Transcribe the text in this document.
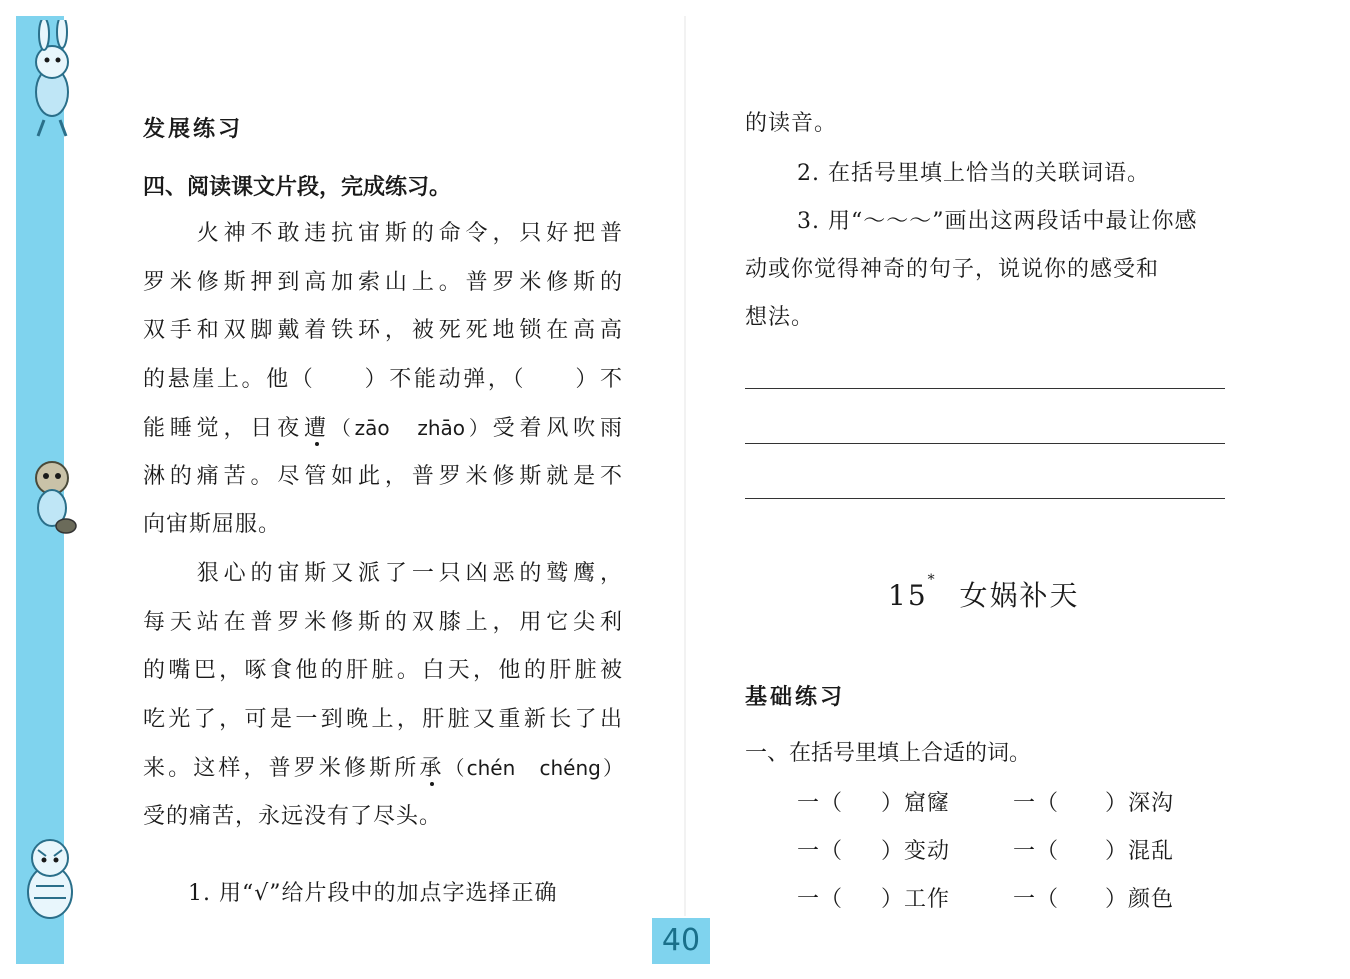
发展练习
四、阅读课文片段，完成练习。
　　火神不敢违抗宙斯的命令，只好把普
罗米修斯押到高加索山上。普罗米修斯的
双手和双脚戴着铁环，被死死地锁在高高
的悬崖上。他（　　）不能动弹，（　　）不
能睡觉，日夜遭（zāo　zhāo）受着风吹雨
淋的痛苦。尽管如此，普罗米修斯就是不
向宙斯屈服。
　　狠心的宙斯又派了一只凶恶的鹫鹰，
每天站在普罗米修斯的双膝上，用它尖利
的嘴巴，啄食他的肝脏。白天，他的肝脏被
吃光了，可是一到晚上，肝脏又重新长了出
来。这样，普罗米修斯所承（chén　chéng）
受的痛苦，永远没有了尽头。
　1. 用“√”给片段中的加点字选择正确
的读音。
2. 在括号里填上恰当的关联词语。
3. 用“～～～”画出这两段话中最让你感
动或你觉得神奇的句子，说说你的感受和
想法。
15* 女娲补天
基础练习
一、在括号里填上合适的词。
一（ ）窟窿	一（ ）深沟
一（ ）变动	一（ ）混乱
一（ ）工作	一（ ）颜色
40
